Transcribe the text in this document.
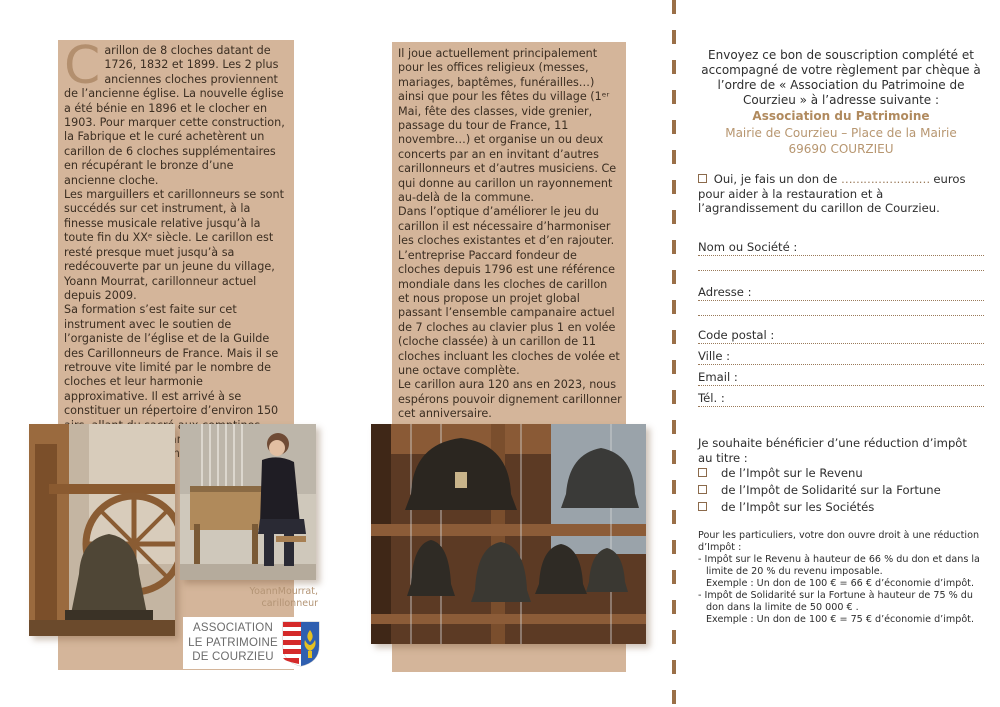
C arillon de 8 cloches datant de 1726, 1832 et 1899. Les 2 plus anciennes cloches proviennent de l’ancienne église. La nouvelle église a été bénie en 1896 et le clocher en 1903. Pour marquer cette construction, la Fabrique et le curé achetèrent un carillon de 6 cloches supplémentaires en récupérant le bronze d’une ancienne cloche.

Les marguillers et carillonneurs se sont succédés sur cet instrument, à la finesse musicale relative jusqu’à la toute fin du XXᵉ siècle. Le carillon est resté presque muet jusqu’à sa redécouverte par un jeune du village, Yoann Mourrat, carillonneur actuel depuis 2009.

Sa formation s’est faite sur cet instrument avec le soutien de l’organiste de l’église et de la Guilde des Carillonneurs de France. Mais il se retrouve vite limité par le nombre de cloches et leur harmonie approximative. Il est arrivé à se constituer un répertoire d’environ 150

YoannMourrat,
carillonneur
ASSOCIATION
LE PATRIMOINE
DE COURZIEU

Il joue actuellement principalement pour les offices religieux (messes, mariages, baptêmes, funérailles…) ainsi que pour les fêtes du village (1ᵉʳ Mai, fête des classes, vide grenier, passage du tour de France, 11 novembre…) et organise un ou deux concerts par an en invitant d’autres carillonneurs et d’autres musiciens. Ce qui donne au carillon un rayonnement au-delà de la commune.

Dans l’optique d’améliorer le jeu du carillon il est nécessaire d’harmoniser les cloches existantes et d’en rajouter.

L’entreprise Paccard fondeur de cloches depuis 1796 est une référence mondiale dans les cloches de carillon et nous propose un projet global passant l’ensemble campanaire actuel de 7 cloches au clavier plus 1 en volée (cloche classée) à un carillon de 11 cloches incluant les cloches de volée et une octave complète.

Le carillon aura 120 ans en 2023, nous espérons pouvoir dignement carillonner cet anniversaire.

Envoyez ce bon de souscription complété et accompagné de votre règlement par chèque à l’ordre de « Association du Patrimoine de Courzieu » à l’adresse suivante :
Association du Patrimoine
Mairie de Courzieu – Place de la Mairie
69690 COURZIEU
Oui, je fais un don de …………………… euros
pour aider à la restauration et à l’agrandissement du carillon de Courzieu.
Nom ou Société :
Adresse :
Code postal :
Ville :
Email :
Tél. :
Je souhaite bénéficier d’une réduction d’impôt au titre :
de l’Impôt sur le Revenu
de l’Impôt de Solidarité sur la Fortune
de l’Impôt sur les Sociétés
Pour les particuliers, votre don ouvre droit à une réduction d’Impôt :
- Impôt sur le Revenu à hauteur de 66 % du don et dans la
limite de 20 % du revenu imposable.
Exemple : Un don de 100 € = 66 € d’économie d’impôt.
- Impôt de Solidarité sur la Fortune à hauteur de 75 % du
don dans la limite de 50 000 € .
Exemple : Un don de 100 € = 75 € d’économie d’impôt.
